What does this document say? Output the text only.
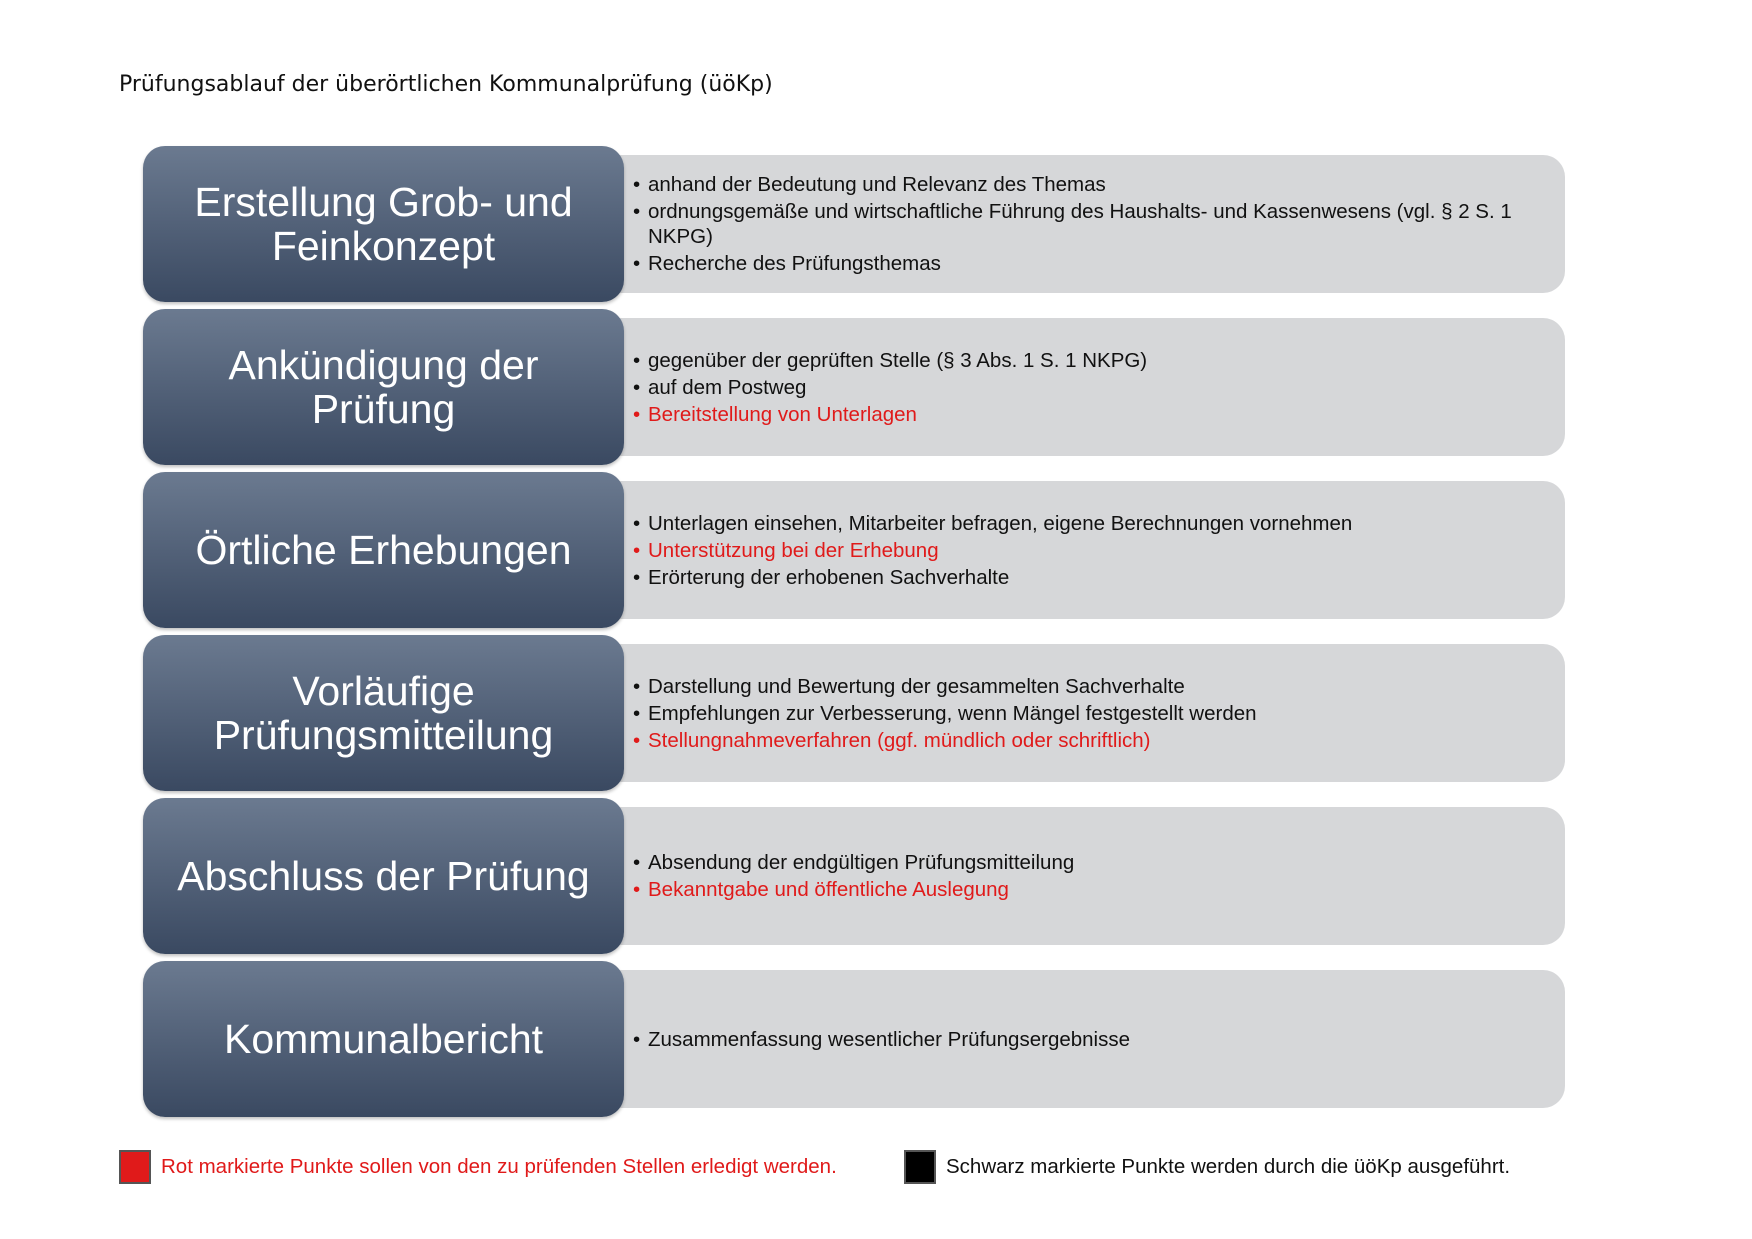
Prüfungsablauf der überörtlichen Kommunalprüfung (üöKp)
• anhand der Bedeutung und Relevanz des Themas
• ordnungsgemäße und wirtschaftliche Führung des Haushalts- und Kassenwesens (vgl. § 2 S. 1 NKPG)
• Recherche des Prüfungsthemas
Erstellung Grob- und Feinkonzept
• gegenüber der geprüften Stelle (§ 3 Abs. 1 S. 1 NKPG)
• auf dem Postweg
• Bereitstellung von Unterlagen
Ankündigung der Prüfung
• Unterlagen einsehen, Mitarbeiter befragen, eigene Berechnungen vornehmen
• Unterstützung bei der Erhebung
• Erörterung der erhobenen Sachverhalte
Örtliche Erhebungen
• Darstellung und Bewertung der gesammelten Sachverhalte
• Empfehlungen zur Verbesserung, wenn Mängel festgestellt werden
• Stellungnahmeverfahren (ggf. mündlich oder schriftlich)
Vorläufige Prüfungsmitteilung
• Absendung der endgültigen Prüfungsmitteilung
• Bekanntgabe und öffentliche Auslegung
Abschluss der Prüfung
• Zusammenfassung wesentlicher Prüfungsergebnisse
Kommunalbericht
Rot markierte Punkte sollen von den zu prüfenden Stellen erledigt werden.	Schwarz markierte Punkte werden durch die üöKp ausgeführt.
